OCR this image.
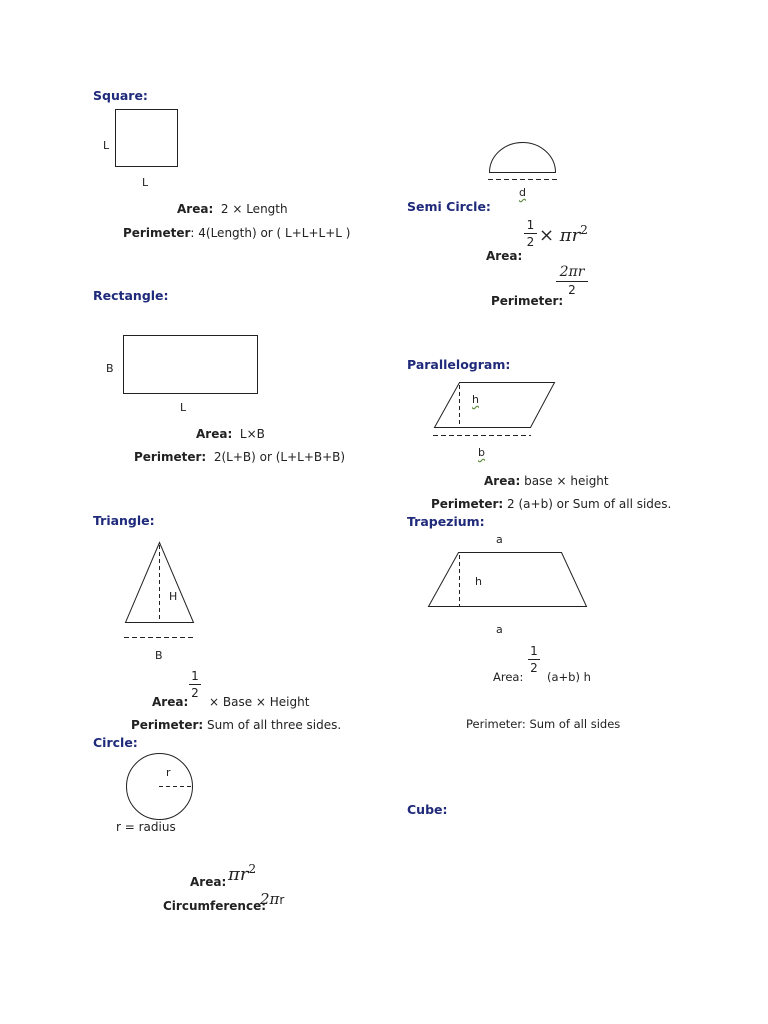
Square:
L
L
Area: 2 × Length
Perimeter: 4(Length) or ( L+L+L+L )
Rectangle:
B
L
Area: L×B
Perimeter: 2(L+B) or (L+L+B+B)
Triangle:
H
B
1
2
Area: × Base × Height
Perimeter: Sum of all three sides.
Circle:
r
r = radius
Area: $\pi r^2$
Circumference:
2πr
d
Semi Circle:
1
$2 \times \pi r^2$
Area:
2πr
2
Perimeter:
Parallelogram:
h
b
Area: base × height
Perimeter: 2 (a+b) or Sum of all sides.
Trapezium:
a
h
a
1
2
Area: (a+b) h
Perimeter: Sum of all sides
Cube:
